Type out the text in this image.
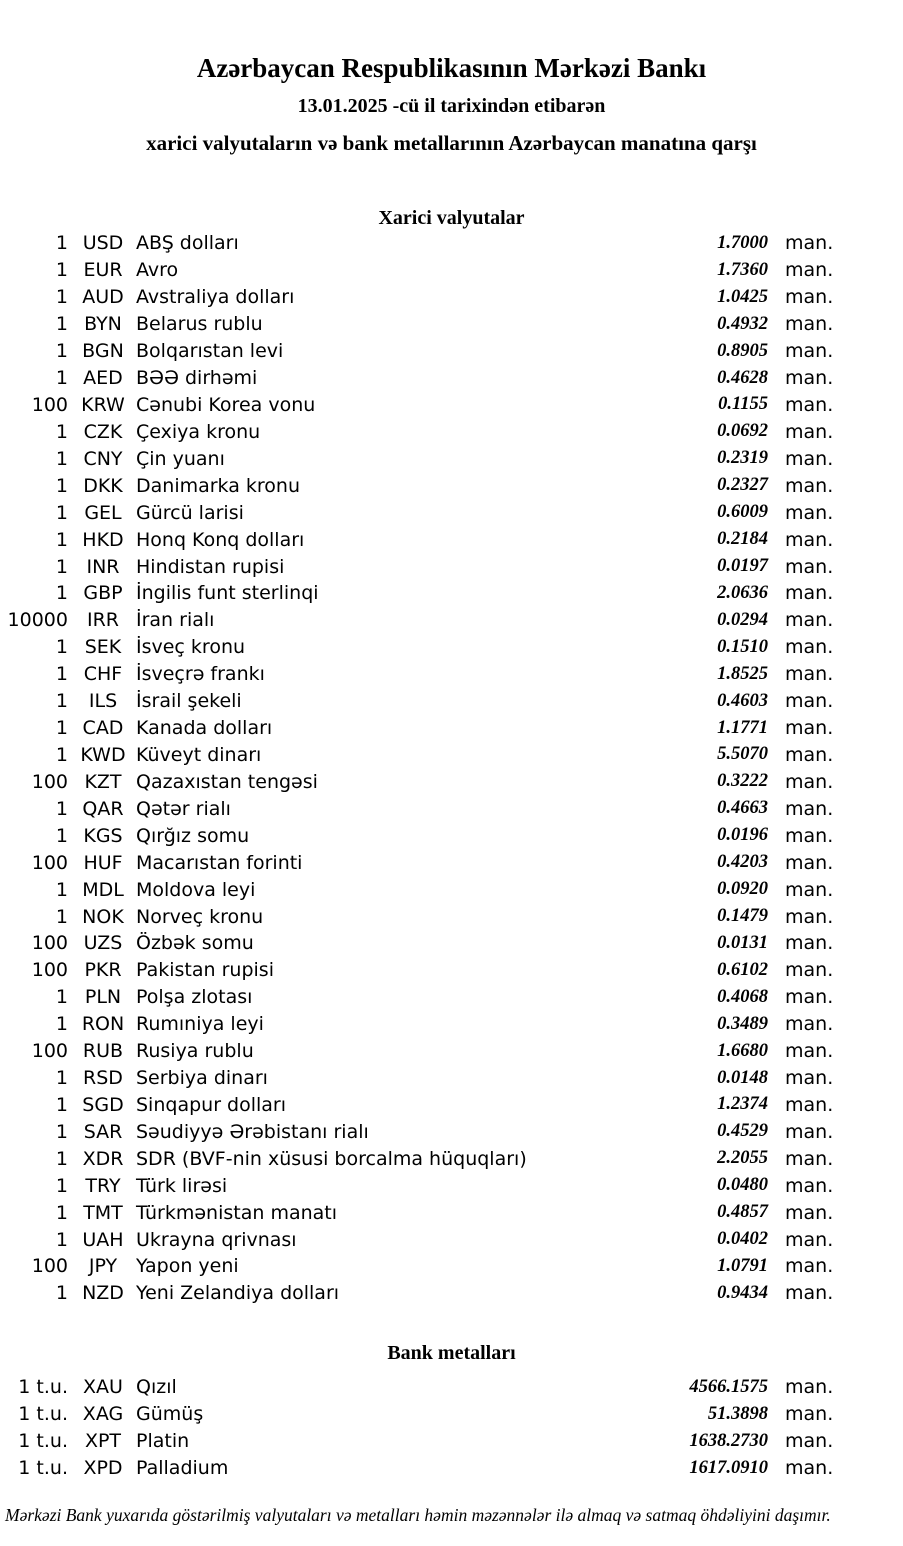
Azərbaycan Respublikasının Mərkəzi Bankı
13.01.2025 -cü il tarixindən etibarən
xarici valyutaların və bank metallarının Azərbaycan manatına qarşı
Xarici valyutalar
1 USD ABŞ dolları	1.7000 man.
1 EUR Avro	1.7360 man.
1 AUD Avstraliya dolları	1.0425 man.
1 BYN Belarus rublu	0.4932 man.
1 BGN Bolqarıstan levi	0.8905 man.
1 AED BƏƏ dirhəmi	0.4628 man.
100 KRW Cənubi Korea vonu	0.1155 man.
1 CZK Çexiya kronu	0.0692 man.
1 CNY Çin yuanı	0.2319 man.
1 DKK Danimarka kronu	0.2327 man.
1 GEL Gürcü larisi	0.6009 man.
1 HKD Honq Konq dolları	0.2184 man.
1 INR Hindistan rupisi	0.0197 man.
1 GBP İngilis funt sterlinqi	2.0636 man.
10000 IRR İran rialı	0.0294 man.
1 SEK İsveç kronu	0.1510 man.
1 CHF İsveçrə frankı	1.8525 man.
1	ILS İsrail şekeli	0.4603 man.
1 CAD Kanada dolları	1.1771 man.
1 KWD Küveyt dinarı	5.5070 man.
100 KZT Qazaxıstan tengəsi	0.3222 man.
1 QAR Qətər rialı	0.4663 man.
1 KGS Qırğız somu	0.0196 man.
100 HUF Macarıstan forinti	0.4203 man.
1 MDL Moldova leyi	0.0920 man.
1 NOK Norveç kronu	0.1479 man.
100 UZS Özbək somu	0.0131 man.
100 PKR Pakistan rupisi	0.6102 man.
1 PLN Polşa zlotası	0.4068 man.
1 RON Rumıniya leyi	0.3489 man.
100 RUB Rusiya rublu	1.6680 man.
1 RSD Serbiya dinarı	0.0148 man.
1 SGD Sinqapur dolları	1.2374 man.
1 SAR Səudiyyə Ərəbistanı rialı	0.4529 man.
1 XDR SDR (BVF-nin xüsusi borcalma hüquqları)	2.2055 man.
1 TRY Türk lirəsi	0.0480 man.
1 TMT Türkmənistan manatı	0.4857 man.
1 UAH Ukrayna qrivnası	0.0402 man.
100	JPY Yapon yeni	1.0791 man.
1 NZD Yeni Zelandiya dolları	0.9434 man.
Bank metalları
1 t.u. XAU Qızıl	4566.1575 man.
1 t.u. XAG Gümüş	51.3898 man.
1 t.u. XPT Platin	1638.2730 man.
1 t.u. XPD Palladium	1617.0910 man.
Mərkəzi Bank yuxarıda göstərilmiş valyutaları və metalları həmin məzənnələr ilə almaq və satmaq öhdəliyini daşımır.
